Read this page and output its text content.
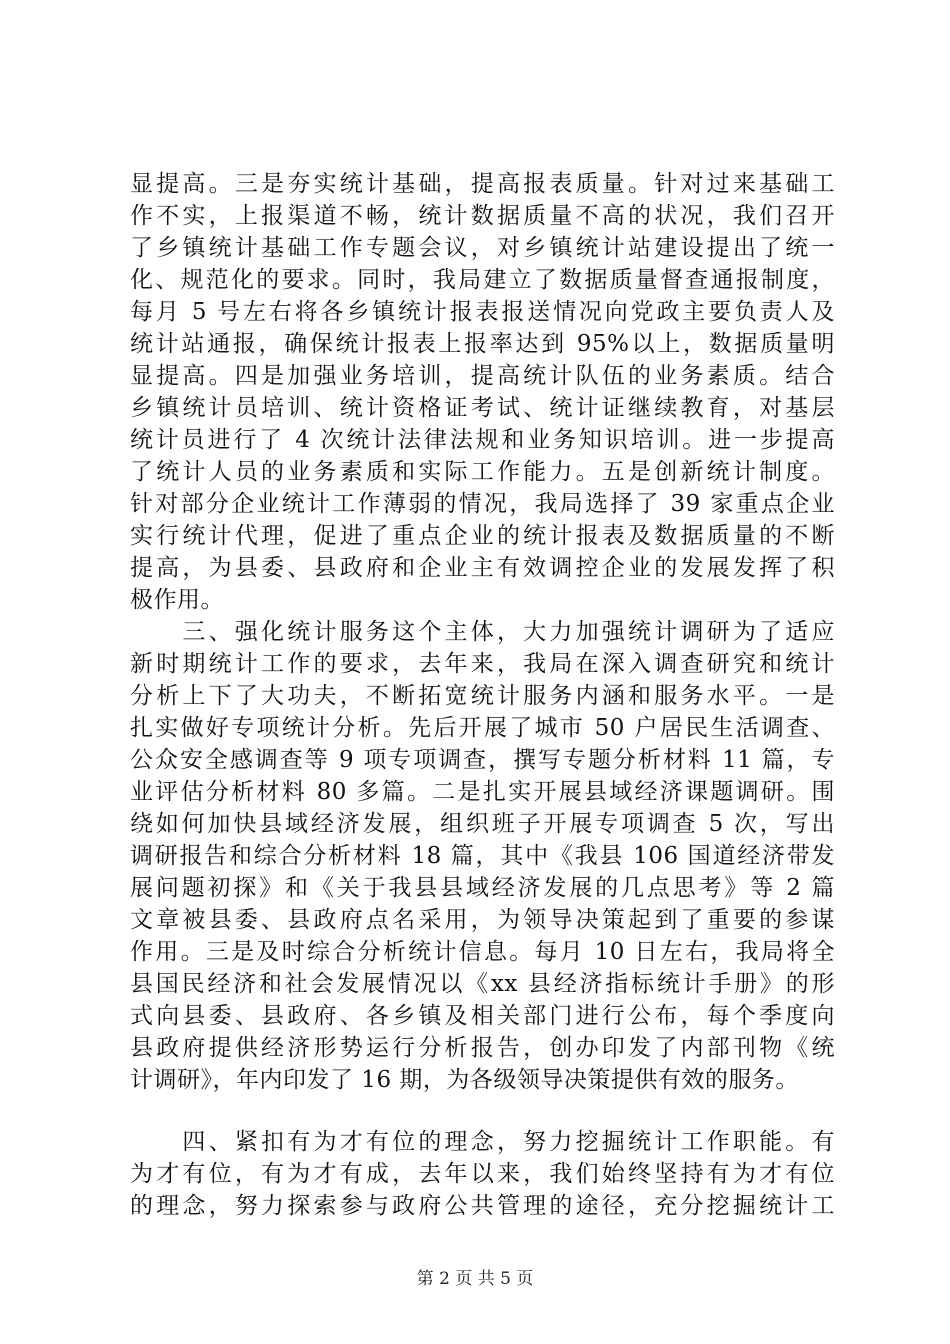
显提高。三是夯实统计基础，提高报表质量。针对过来基础工
作不实，上报渠道不畅，统计数据质量不高的状况，我们召开
了乡镇统计基础工作专题会议，对乡镇统计站建设提出了统一
化、规范化的要求。同时，我局建立了数据质量督查通报制度，
每月 5 号左右将各乡镇统计报表报送情况向党政主要负责人及
统计站通报，确保统计报表上报率达到 95%以上，数据质量明
显提高。四是加强业务培训，提高统计队伍的业务素质。结合
乡镇统计员培训、统计资格证考试、统计证继续教育，对基层
统计员进行了 4 次统计法律法规和业务知识培训。进一步提高
了统计人员的业务素质和实际工作能力。五是创新统计制度。
针对部分企业统计工作薄弱的情况，我局选择了 39 家重点企业
实行统计代理，促进了重点企业的统计报表及数据质量的不断
提高，为县委、县政府和企业主有效调控企业的发展发挥了积
极作用。
　　三、强化统计服务这个主体，大力加强统计调研为了适应
新时期统计工作的要求，去年来，我局在深入调查研究和统计
分析上下了大功夫，不断拓宽统计服务内涵和服务水平。一是
扎实做好专项统计分析。先后开展了城市 50 户居民生活调查、
公众安全感调查等 9 项专项调查，撰写专题分析材料 11 篇，专
业评估分析材料 80 多篇。二是扎实开展县域经济课题调研。围
绕如何加快县域经济发展，组织班子开展专项调查 5 次，写出
调研报告和综合分析材料 18 篇，其中《我县 106 国道经济带发
展问题初探》和《关于我县县域经济发展的几点思考》等 2 篇
文章被县委、县政府点名采用，为领导决策起到了重要的参谋
作用。三是及时综合分析统计信息。每月 10 日左右，我局将全
县国民经济和社会发展情况以《xx 县经济指标统计手册》的形
式向县委、县政府、各乡镇及相关部门进行公布，每个季度向
县政府提供经济形势运行分析报告，创办印发了内部刊物《统
计调研》，年内印发了 16 期，为各级领导决策提供有效的服务。
　　四、紧扣有为才有位的理念，努力挖掘统计工作职能。有
为才有位，有为才有成，去年以来，我们始终坚持有为才有位
的理念，努力探索参与政府公共管理的途径，充分挖掘统计工
第 2 页 共 5 页
